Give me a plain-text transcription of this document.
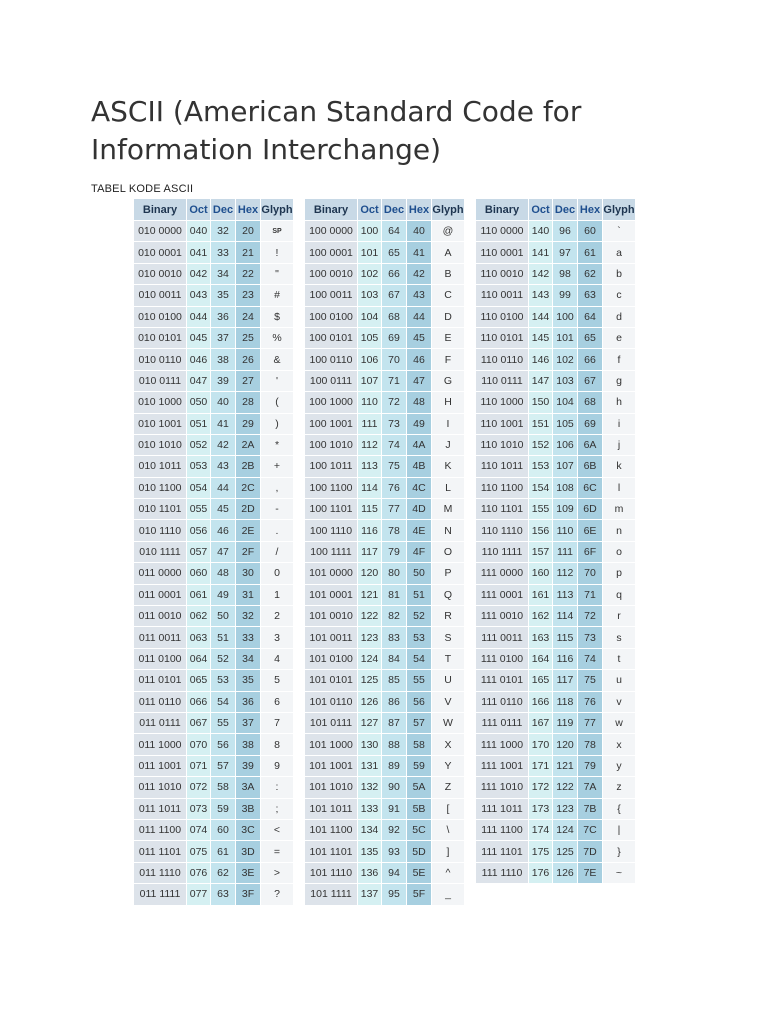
ASCII (American Standard Code for Information Interchange)
TABEL KODE ASCII
Binary	Oct	Dec	Hex	Glyph
010 0000	040	32	20	SP
010 0001	041	33	21	!
010 0010	042	34	22	"
010 0011	043	35	23	#
010 0100	044	36	24	$
010 0101	045	37	25	%
010 0110	046	38	26	&
010 0111	047	39	27	'
010 1000	050	40	28	(
010 1001	051	41	29	)
010 1010	052	42	2A	*
010 1011	053	43	2B	+
010 1100	054	44	2C	,
010 1101	055	45	2D	-
010 1110	056	46	2E	.
010 1111	057	47	2F	/
011 0000	060	48	30	0
011 0001	061	49	31	1
011 0010	062	50	32	2
011 0011	063	51	33	3
011 0100	064	52	34	4
011 0101	065	53	35	5
011 0110	066	54	36	6
011 0111	067	55	37	7
011 1000	070	56	38	8
011 1001	071	57	39	9
011 1010	072	58	3A	:
011 1011	073	59	3B	;
011 1100	074	60	3C	<
011 1101	075	61	3D	=
011 1110	076	62	3E	>
011 1111	077	63	3F	?
Binary	Oct	Dec	Hex	Glyph
100 0000	100	64	40	@
100 0001	101	65	41	A
100 0010	102	66	42	B
100 0011	103	67	43	C
100 0100	104	68	44	D
100 0101	105	69	45	E
100 0110	106	70	46	F
100 0111	107	71	47	G
100 1000	110	72	48	H
100 1001	111	73	49	I
100 1010	112	74	4A	J
100 1011	113	75	4B	K
100 1100	114	76	4C	L
100 1101	115	77	4D	M
100 1110	116	78	4E	N
100 1111	117	79	4F	O
101 0000	120	80	50	P
101 0001	121	81	51	Q
101 0010	122	82	52	R
101 0011	123	83	53	S
101 0100	124	84	54	T
101 0101	125	85	55	U
101 0110	126	86	56	V
101 0111	127	87	57	W
101 1000	130	88	58	X
101 1001	131	89	59	Y
101 1010	132	90	5A	Z
101 1011	133	91	5B	[
101 1100	134	92	5C	\
101 1101	135	93	5D	]
101 1110	136	94	5E	^
101 1111	137	95	5F	_
Binary	Oct	Dec	Hex	Glyph
110 0000	140	96	60	`
110 0001	141	97	61	a
110 0010	142	98	62	b
110 0011	143	99	63	c
110 0100	144	100	64	d
110 0101	145	101	65	e
110 0110	146	102	66	f
110 0111	147	103	67	g
110 1000	150	104	68	h
110 1001	151	105	69	i
110 1010	152	106	6A	j
110 1011	153	107	6B	k
110 1100	154	108	6C	l
110 1101	155	109	6D	m
110 1110	156	110	6E	n
110 1111	157	111	6F	o
111 0000	160	112	70	p
111 0001	161	113	71	q
111 0010	162	114	72	r
111 0011	163	115	73	s
111 0100	164	116	74	t
111 0101	165	117	75	u
111 0110	166	118	76	v
111 0111	167	119	77	w
111 1000	170	120	78	x
111 1001	171	121	79	y
111 1010	172	122	7A	z
111 1011	173	123	7B	{
111 1100	174	124	7C	|
111 1101	175	125	7D	}
111 1110	176	126	7E	~
